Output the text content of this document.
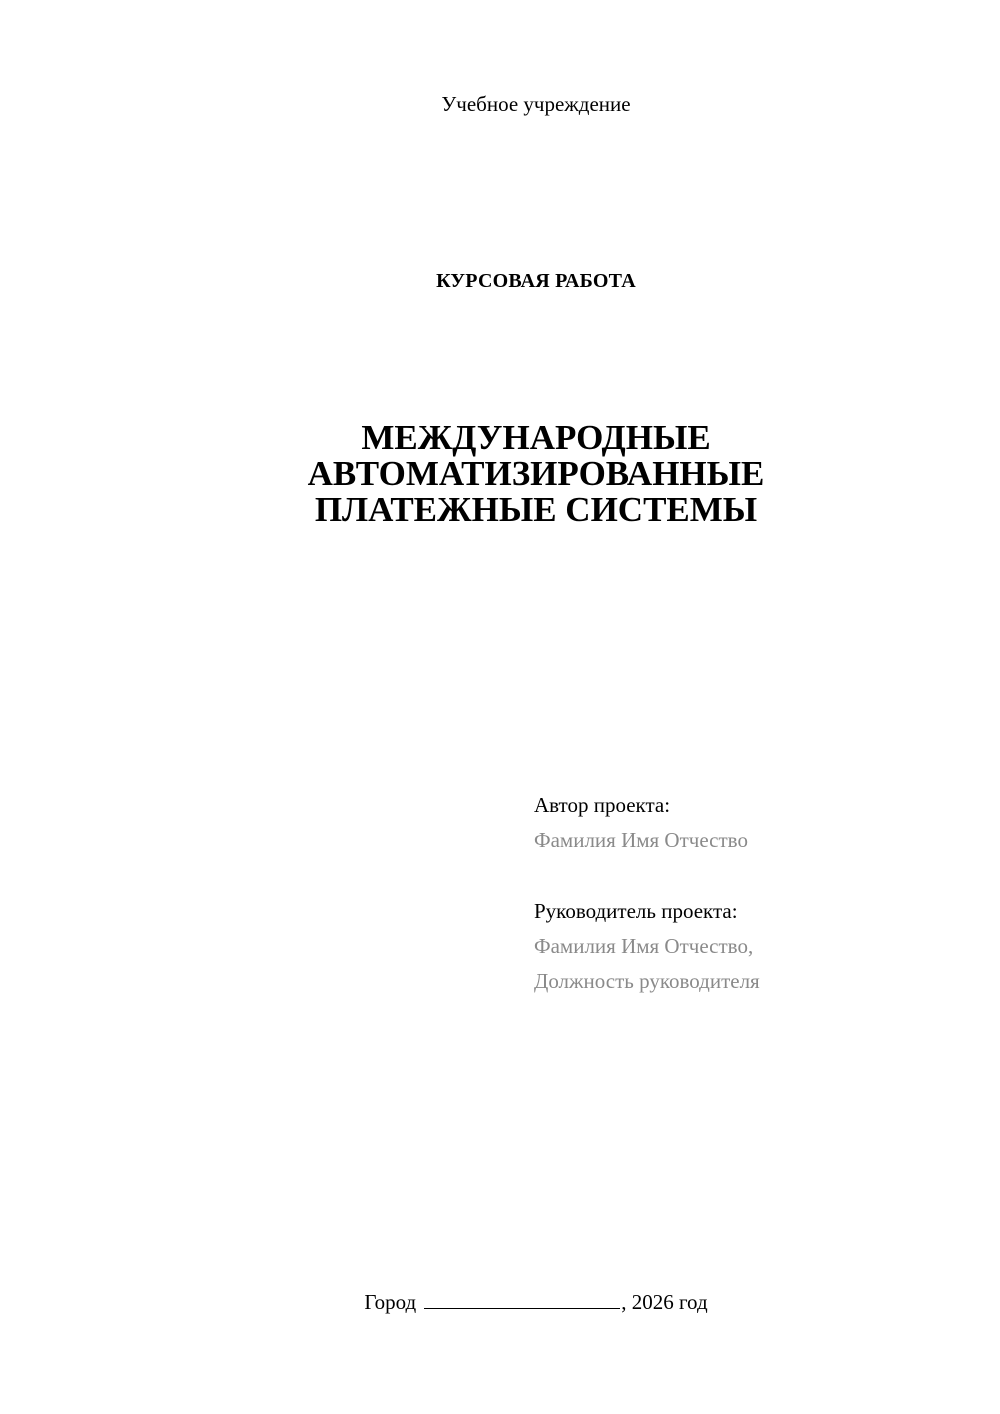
Учебное учреждение
КУРСОВАЯ РАБОТА
МЕЖДУНАРОДНЫЕ
АВТОМАТИЗИРОВАННЫЕ
ПЛАТЕЖНЫЕ СИСТЕМЫ
Автор проекта:
Фамилия Имя Отчество
Руководитель проекта:
Фамилия Имя Отчество,
Должность руководителя
Город	, 2026 год
